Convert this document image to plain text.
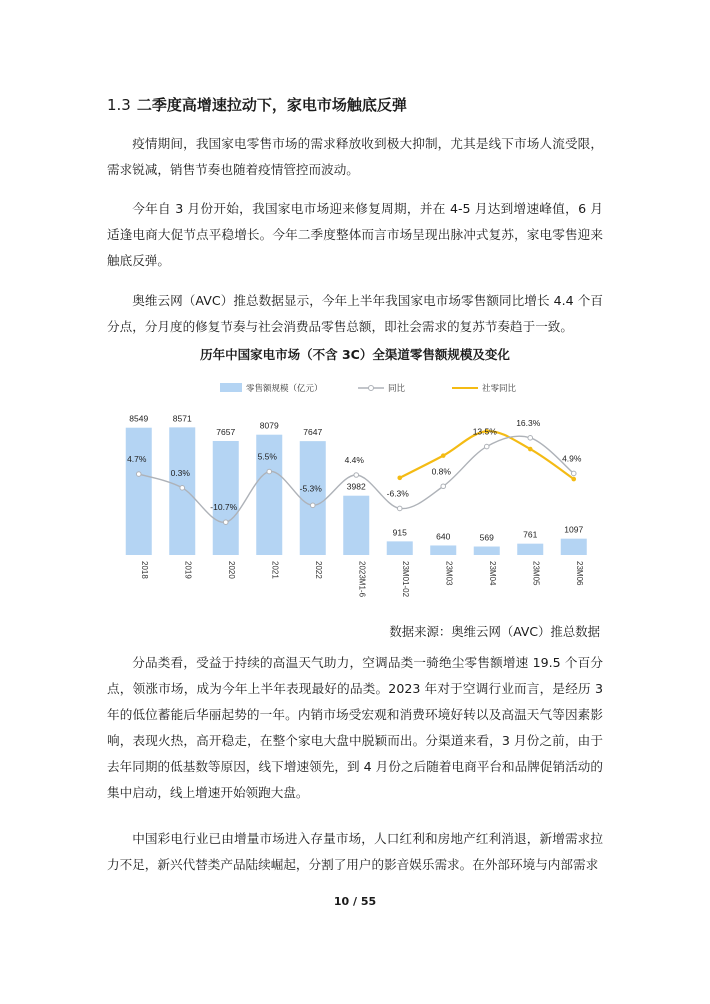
1.3 二季度高增速拉动下，家电市场触底反弹

疫情期间，我国家电零售市场的需求释放收到极大抑制，尤其是线下市场人流受限，需求锐减，销售节奏也随着疫情管控而波动。

今年自 3 月份开始，我国家电市场迎来修复周期，并在 4-5 月达到增速峰值，6 月适逢电商大促节点平稳增长。今年二季度整体而言市场呈现出脉冲式复苏，家电零售迎来触底反弹。

奥维云网（AVC）推总数据显示，今年上半年我国家电市场零售额同比增长 4.4 个百分点，分月度的修复节奏与社会消费品零售总额，即社会需求的复苏节奏趋于一致。

历年中国家电市场（不含 3C）全渠道零售额规模及变化
零售额规模（亿元）	同比	社零同比
8549	8571
7657
8079
7647
3982
915	640	569	761
1097
4.7%
0.3%
-10.7%
5.5%
-5.3%
4.4%
-6.3%
0.8%
13.5%
16.3%
4.9%
2018	2019	2020	2021	2022	2023M1-6	23M01-02	23M03	23M04	23M05	23M06
数据来源：奥维云网（AVC）推总数据

分品类看，受益于持续的高温天气助力，空调品类一骑绝尘零售额增速 19.5 个百分点，领涨市场，成为今年上半年表现最好的品类。2023 年对于空调行业而言，是经历 3 年的低位蓄能后华丽起势的一年。内销市场受宏观和消费环境好转以及高温天气等因素影响，表现火热，高开稳走，在整个家电大盘中脱颖而出。分渠道来看，3 月份之前，由于去年同期的低基数等原因，线下增速领先，到 4 月份之后随着电商平台和品牌促销活动的集中启动，线上增速开始领跑大盘。

中国彩电行业已由增量市场进入存量市场，人口红利和房地产红利消退，新增需求拉力不足，新兴代替类产品陆续崛起，分割了用户的影音娱乐需求。在外部环境与内部需求

10 / 55
